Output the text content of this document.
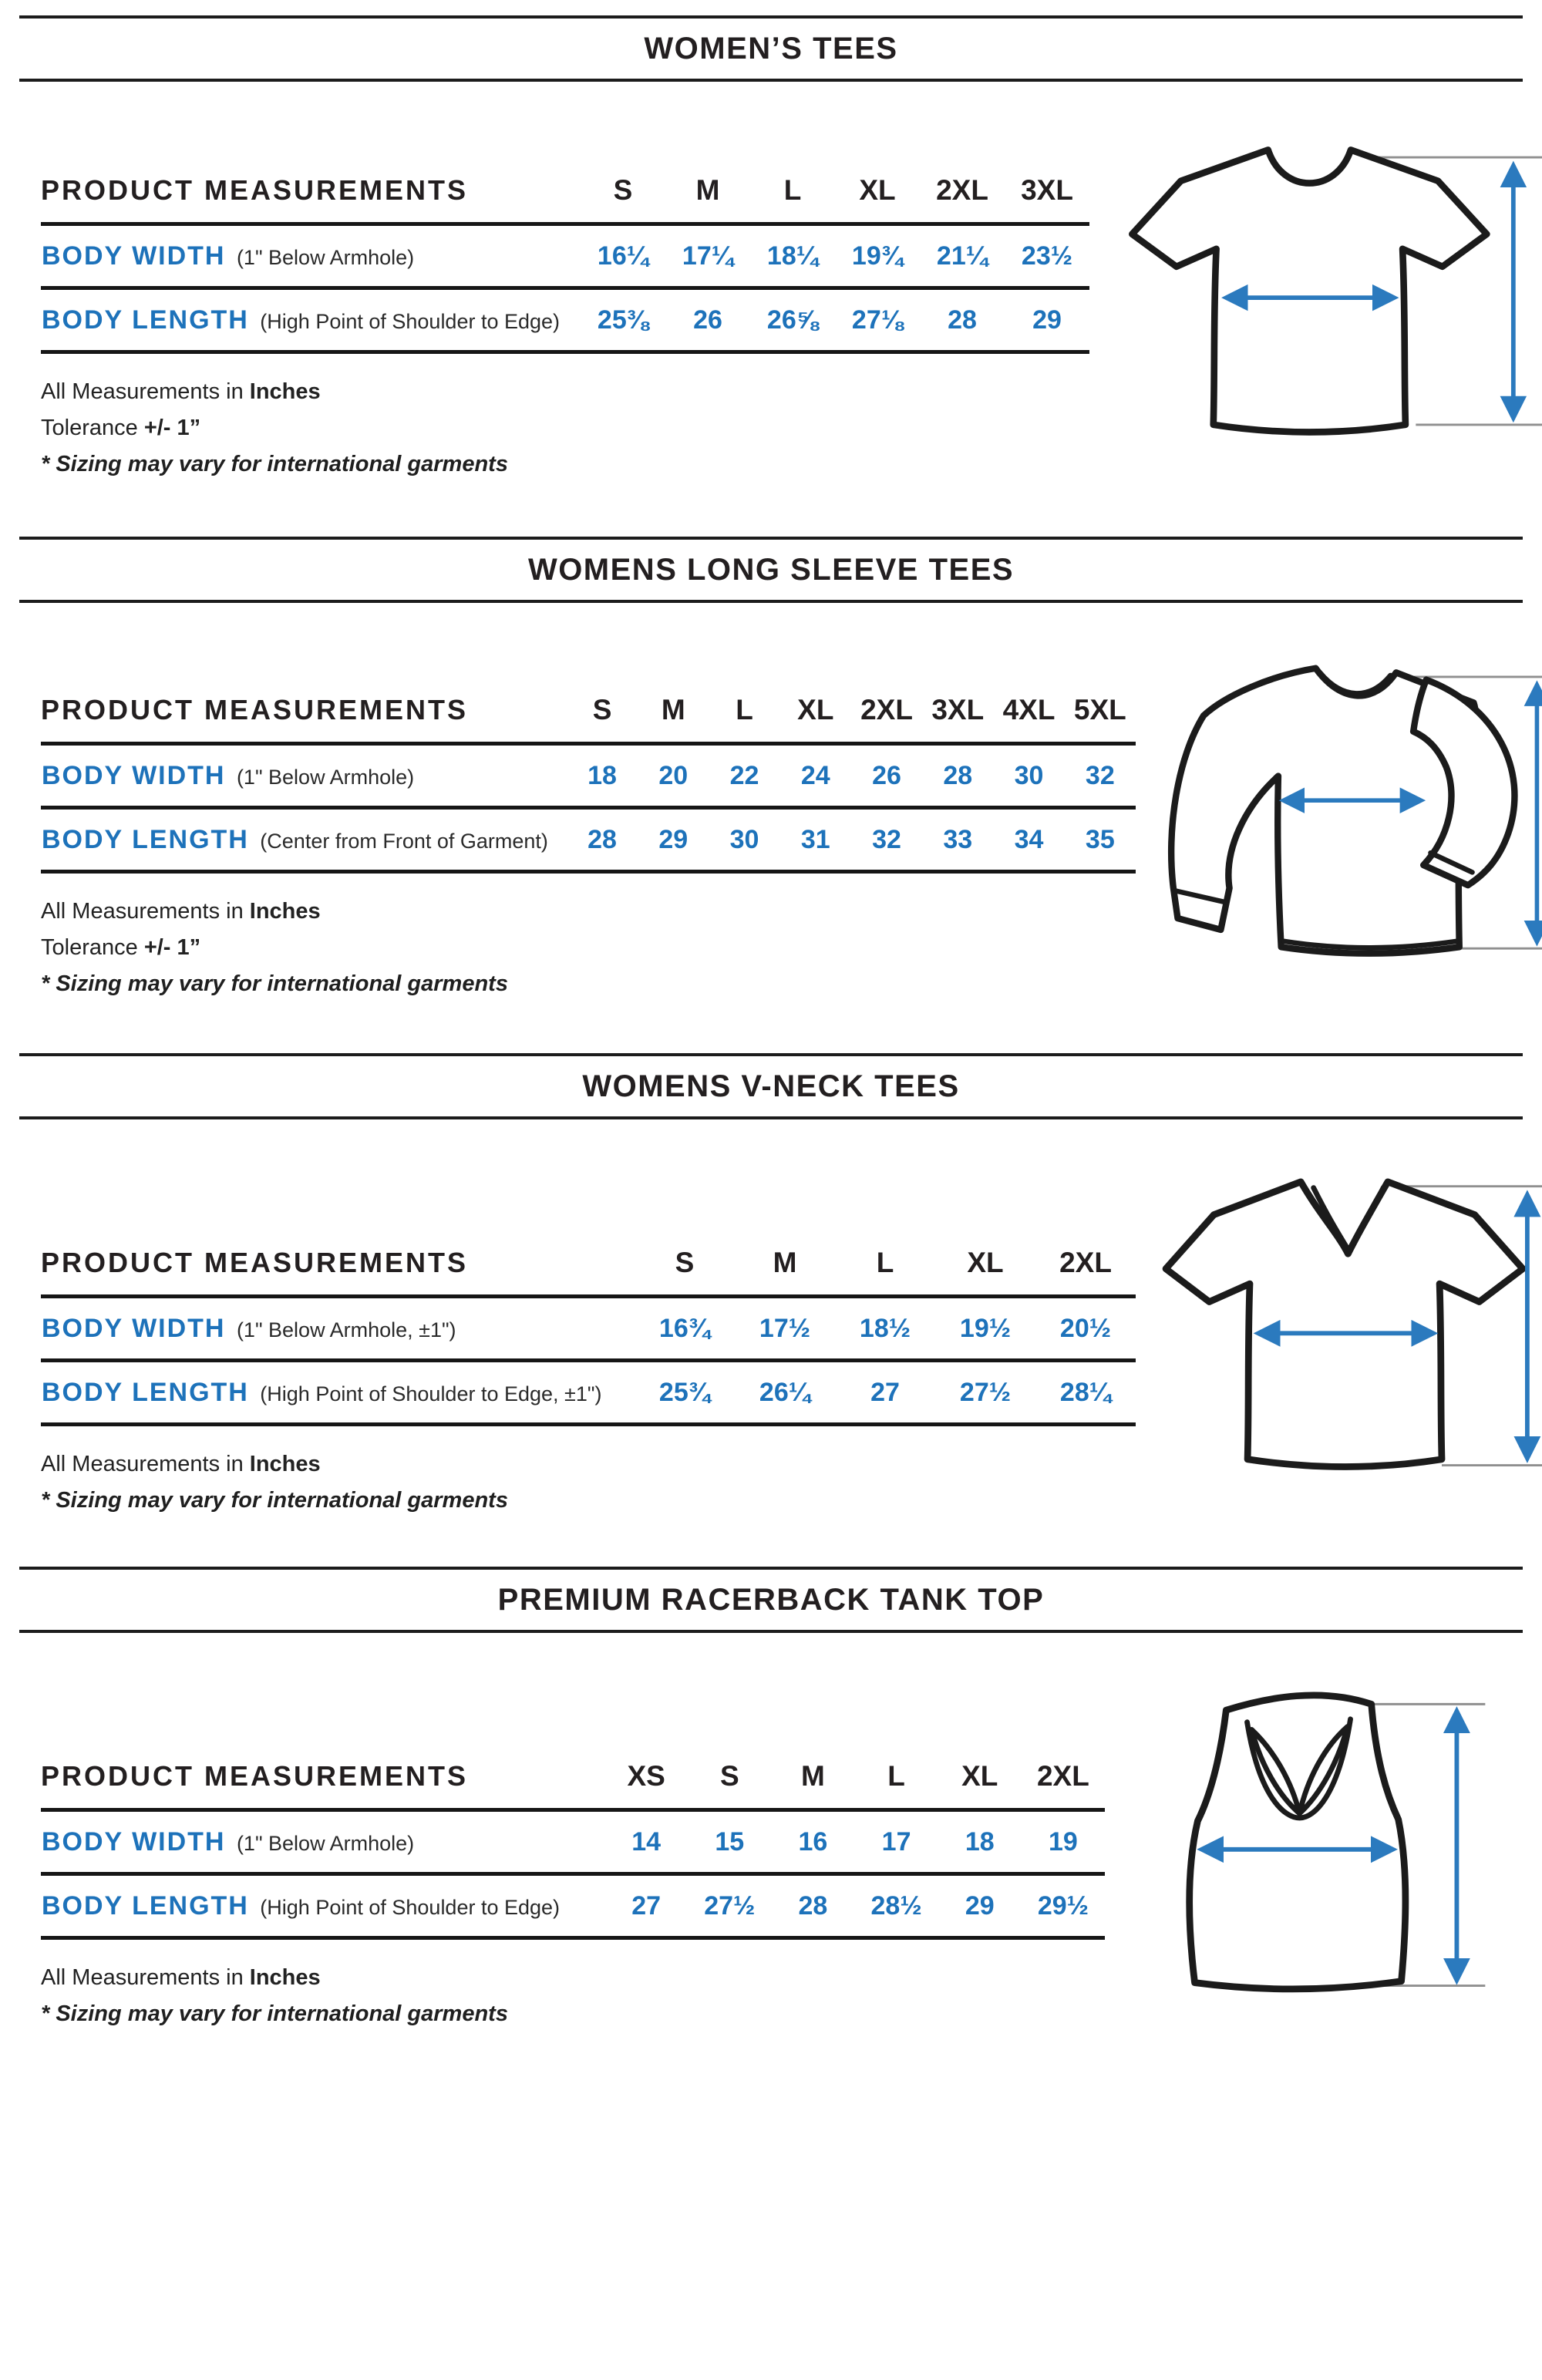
WOMEN’S TEES
PRODUCT MEASUREMENTS	S	M	L	XL	2XL	3XL
BODY WIDTH (1" Below Armhole)	16¼	17¼	18¼	19¾	21¼	23½
BODY LENGTH (High Point of Shoulder to Edge)	25⅜	26	26⅝	27⅛	28	29

All Measurements in Inches

Tolerance +/- 1”

* Sizing may vary for international garments

WOMENS LONG SLEEVE TEES
PRODUCT MEASUREMENTS	S	M	L	XL	2XL	3XL	4XL	5XL
BODY WIDTH (1" Below Armhole)	18	20	22	24	26	28	30	32
BODY LENGTH (Center from Front of Garment)	28	29	30	31	32	33	34	35

All Measurements in Inches

Tolerance +/- 1”

* Sizing may vary for international garments

WOMENS V-NECK TEES
PRODUCT MEASUREMENTS	S	M	L	XL	2XL
BODY WIDTH (1" Below Armhole, ±1")	16¾	17½	18½	19½	20½
BODY LENGTH (High Point of Shoulder to Edge, ±1")	25¾	26¼	27	27½	28¼

All Measurements in Inches

* Sizing may vary for international garments

PREMIUM RACERBACK TANK TOP
PRODUCT MEASUREMENTS	XS	S	M	L	XL	2XL
BODY WIDTH (1" Below Armhole)	14	15	16	17	18	19
BODY LENGTH (High Point of Shoulder to Edge)	27	27½	28	28½	29	29½

All Measurements in Inches

* Sizing may vary for international garments
